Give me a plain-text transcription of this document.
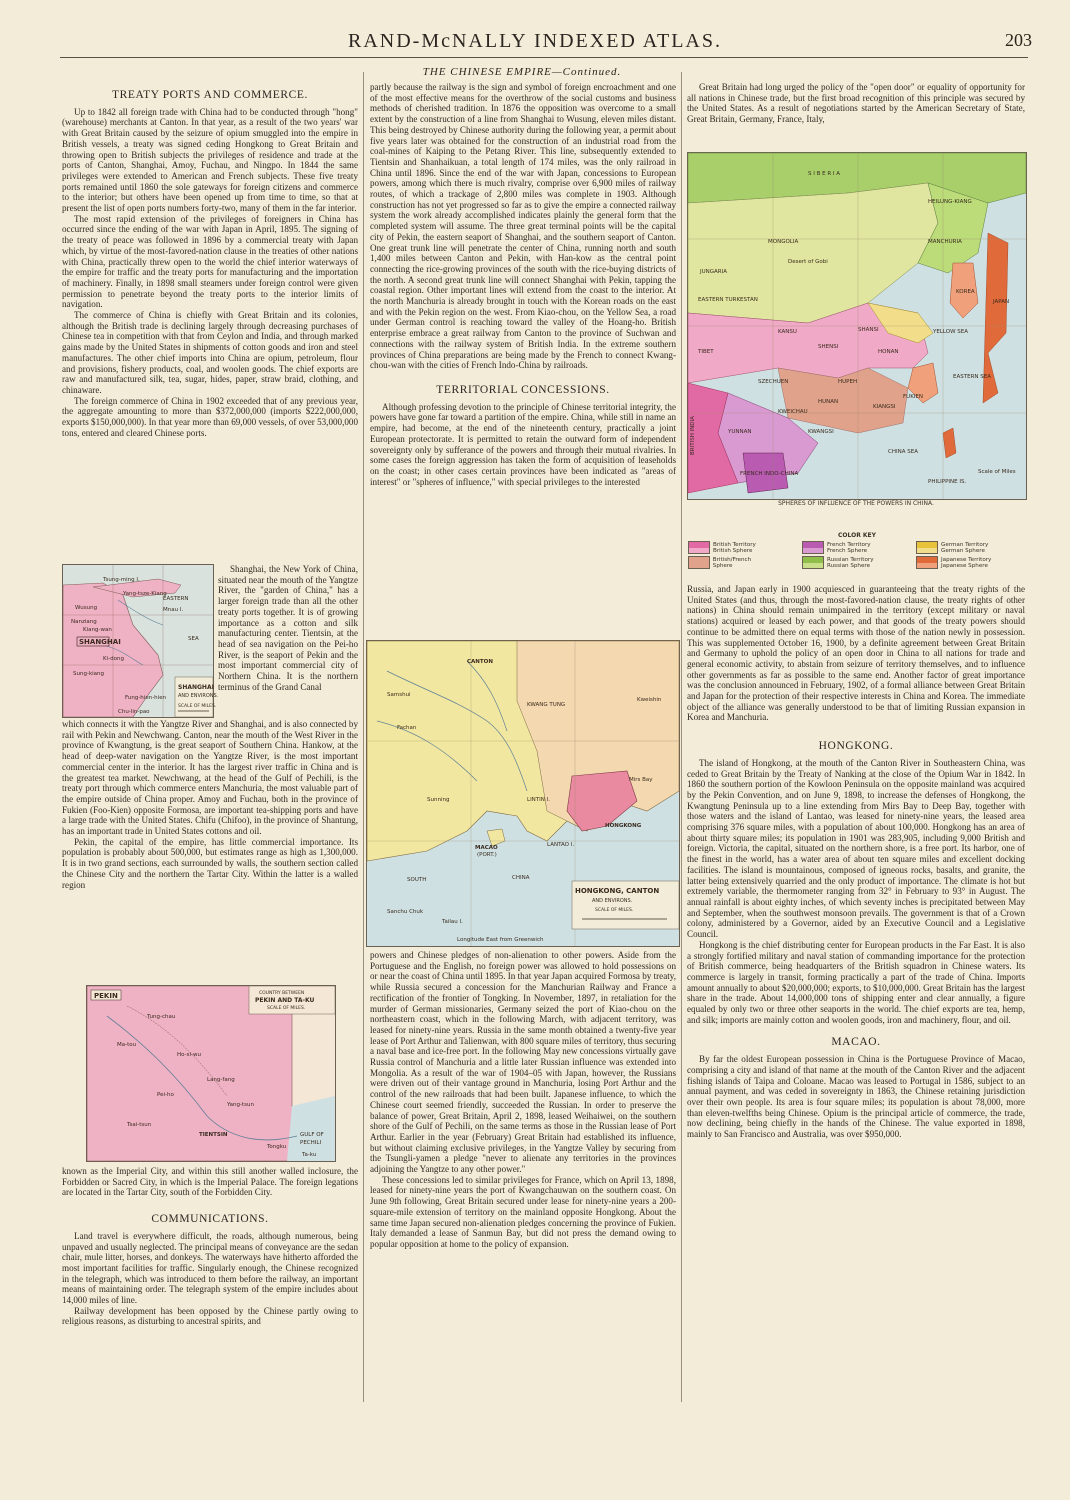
RAND-McNALLY INDEXED ATLAS.	203
THE CHINESE EMPIRE—Continued.
TREATY PORTS AND COMMERCE.

Up to 1842 all foreign trade with China had to be conducted through "hong" (warehouse) merchants at Canton. In that year, as a result of the two years' war with Great Britain caused by the seizure of opium smuggled into the empire in British vessels, a treaty was signed ceding Hongkong to Great Britain and throwing open to British subjects the privileges of residence and trade at the ports of Canton, Shanghai, Amoy, Fuchau, and Ningpo. In 1844 the same privileges were extended to American and French subjects. These five treaty ports remained until 1860 the sole gateways for foreign citizens and commerce to the interior; but others have been opened up from time to time, so that at present the list of open ports numbers forty-two, many of them in the far interior.

The most rapid extension of the privileges of foreigners in China has occurred since the ending of the war with Japan in April, 1895. The signing of the treaty of peace was followed in 1896 by a commercial treaty with Japan which, by virtue of the most-favored-nation clause in the treaties of other nations with China, practically threw open to the world the chief interior waterways of the empire for traffic and the treaty ports for manufacturing and the importation of machinery. Finally, in 1898 small steamers under foreign control were given permission to penetrate beyond the treaty ports to the interior limits of navigation.

The commerce of China is chiefly with Great Britain and its colonies, although the British trade is declining largely through decreasing purchases of Chinese tea in competition with that from Ceylon and India, and through marked gains made by the United States in shipments of cotton goods and iron and steel manufactures. The other chief imports into China are opium, petroleum, flour and provisions, fishery products, coal, and woolen goods. The chief exports are raw and manufactured silk, tea, sugar, hides, paper, straw braid, clothing, and chinaware.

The foreign commerce of China in 1902 exceeded that of any previous year, the aggregate amounting to more than $372,000,000 (imports $222,000,000, exports $150,000,000). In that year more than 69,000 vessels, of over 53,000,000 tons, entered and cleared Chinese ports.

EASTERN
SEA
Wusung
Nanziang
Kiang-wan
Yang-tsze-Kiang
Sung-kiang
Chu-lin-pao
Mnau I.
Tsung-ming I.
Ki-dong
Fung-hien-hien
SHANGHAI
SHANGHAI
AND ENVIRONS.
SCALE OF MILES.

Shanghai, the New York of China, situated near the mouth of the Yangtze River, the "garden of China," has a larger foreign trade than all the other treaty ports together. It is of growing importance as a cotton and silk manufacturing center. Tientsin, at the head of sea navigation on the Pei-ho River, is the seaport of Pekin and the most important commercial city of Northern China. It is the northern terminus of the Grand Canal

which connects it with the Yangtze River and Shanghai, and is also connected by rail with Pekin and Newchwang. Canton, near the mouth of the West River in the province of Kwangtung, is the great seaport of Southern China. Hankow, at the head of deep-water navigation on the Yangtze River, is the most important commercial center in the interior. It has the largest river traffic in China and is the greatest tea market. Newchwang, at the head of the Gulf of Pechili, is the treaty port through which commerce enters Manchuria, the most valuable part of the empire outside of China proper. Amoy and Fuchau, both in the province of Fukien (Foo-Kien) opposite Formosa, are important tea-shipping ports and have a large trade with the United States. Chifu (Chifoo), in the province of Shantung, has an important trade in United States cottons and oil.

Pekin, the capital of the empire, has little commercial importance. Its population is probably about 500,000, but estimates range as high as 1,300,000. It is in two grand sections, each surrounded by walls, the southern section called the Chinese City and the northern the Tartar City. Within the latter is a walled region

PEKIN	COUNTRY BETWEEN
PEKIN AND TA-KU
SCALE OF MILES.
TIENTSIN	GULF OF
PECHILI
Ta-ku
Tongku
Ho-si-wu
Tung-chau
Lang-fang
Yang-tsun
Pei-ho
Ma-tou
Tsai-tsun

known as the Imperial City, and within this still another walled inclosure, the Forbidden or Sacred City, in which is the Imperial Palace. The foreign legations are located in the Tartar City, south of the Forbidden City.

COMMUNICATIONS.

Land travel is everywhere difficult, the roads, although numerous, being unpaved and usually neglected. The principal means of conveyance are the sedan chair, mule litter, horses, and donkeys. The waterways have hitherto afforded the most important facilities for traffic. Singularly enough, the Chinese recognized in the telegraph, which was introduced to them before the railway, an important means of maintaining order. The telegraph system of the empire includes about 14,000 miles of line.

Railway development has been opposed by the Chinese partly owing to religious reasons, as disturbing to ancestral spirits, and

partly because the railway is the sign and symbol of foreign encroachment and one of the most effective means for the overthrow of the social customs and business methods of cherished tradition. In 1876 the opposition was overcome to a small extent by the construction of a line from Shanghai to Wusung, eleven miles distant. This being destroyed by Chinese authority during the following year, a permit about five years later was obtained for the construction of an industrial road from the coal-mines of Kaiping to the Petang River. This line, subsequently extended to Tientsin and Shanhaikuan, a total length of 174 miles, was the only railroad in China until 1896. Since the end of the war with Japan, concessions to European powers, among which there is much rivalry, comprise over 6,900 miles of railway routes, of which a trackage of 2,800 miles was complete in 1903. Although construction has not yet progressed so far as to give the empire a connected railway system the work already accomplished indicates plainly the general form that the completed system will assume. The three great terminal points will be the capital city of Pekin, the eastern seaport of Shanghai, and the southern seaport of Canton. One great trunk line will penetrate the center of China, running north and south 1,400 miles between Canton and Pekin, with Han-kow as the central point connecting the rice-growing provinces of the south with the rice-buying districts of the north. A second great trunk line will connect Shanghai with Pekin, tapping the coastal region. Other important lines will extend from the coast to the interior. At the north Manchuria is already brought in touch with the Korean roads on the east and with the Pekin region on the west. From Kiao-chou, on the Yellow Sea, a road under German control is reaching toward the valley of the Hoang-ho. British enterprise embrace a great railway from Canton to the province of Suchwan and connections with the railway system of British India. In the extreme southern provinces of China preparations are being made by the French to connect Kwang-chou-wan with the cities of French Indo-China by railroads.

TERRITORIAL CONCESSIONS.

Although professing devotion to the principle of Chinese territorial integrity, the powers have gone far toward a partition of the empire. China, while still in name an empire, had become, at the end of the nineteenth century, practically a joint European protectorate. It is permitted to retain the outward form of independent sovereignty only by sufferance of the powers and through their mutual rivalries. In some cases the foreign aggression has taken the form of acquisition of leaseholds on the coast; in other cases certain provinces have been indicated as "areas of interest" or "spheres of influence," with special privileges to the interested

HONGKONG, CANTON
AND ENVIRONS.
SCALE OF MILES.
CANTON
HONGKONG
MACAO
(PORT.)
SOUTH	CHINA
KWANG TUNG
Samshui
Fachan
Sunning
Kweishin
Mirs Bay
LINTIN I.
LANTAO I.
Sanchu Chuk
Tailau I.
Longitude East from Greenwich

powers and Chinese pledges of non-alienation to other powers. Aside from the Portuguese and the English, no foreign power was allowed to hold possessions on or near the coast of China until 1895. In that year Japan acquired Formosa by treaty, while Russia secured a concession for the Manchurian Railway and France a rectification of the frontier of Tongking. In November, 1897, in retaliation for the murder of German missionaries, Germany seized the port of Kiao-chou on the northeastern coast, which in the following March, with adjacent territory, was leased for ninety-nine years. Russia in the same month obtained a twenty-five year lease of Port Arthur and Talienwan, with 800 square miles of territory, thus securing a naval base and ice-free port. In the following May new concessions virtually gave Russia control of Manchuria and a little later Russian influence was extended into Mongolia. As a result of the war of 1904–05 with Japan, however, the Russians were driven out of their vantage ground in Manchuria, losing Port Arthur and the control of the new railroads that had been built. Japanese influence, to which the Chinese court seemed friendly, succeeded the Russian. In order to preserve the balance of power, Great Britain, April 2, 1898, leased Weihaiwei, on the southern shore of the Gulf of Pechili, on the same terms as those in the Russian lease of Port Arthur. Earlier in the year (February) Great Britain had established its influence, but without claiming exclusive privileges, in the Yangtze Valley by securing from the Tsungli-yamen a pledge "never to alienate any territories in the provinces adjoining the Yangtze to any other power."

These concessions led to similar privileges for France, which on April 13, 1898, leased for ninety-nine years the port of Kwangchauwan on the southern coast. On June 9th following, Great Britain secured under lease for ninety-nine years a 200-square-mile extension of territory on the mainland opposite Hongkong. About the same time Japan secured non-alienation pledges concerning the province of Fukien. Italy demanded a lease of Sanmun Bay, but did not press the demand owing to popular opposition at home to the policy of expansion.

Great Britain had long urged the policy of the "open door" or equality of opportunity for all nations in Chinese trade, but the first broad recognition of this principle was secured by the United States. As a result of negotiations started by the American Secretary of State, Great Britain, Germany, France, Italy,

S I B E R I A
MONGOLIA
Desert of Gobi
JUNGARIA
EASTERN TURKESTAN
MANCHURIA
HEILUNG-KIANG
KOREA
JAPAN
YELLOW SEA
EASTERN SEA
CHINA SEA
HONAN
SHANSI
SHENSI
KANSU
SZECHUEN	HUPEH
HUNAN
KIANGSI
FUKIEN
KWANGSI
YUNNAN
KWEICHAU
FRENCH INDO-CHINA
PHILIPPINE IS.
TIBET
Scale of Miles
BRITISH INDIA
SPHERES OF INFLUENCE OF THE POWERS IN CHINA.
COLOR KEY
British Territory
British Sphere
French Territory
French Sphere
German Territory
German Sphere
British/French Sphere
Russian Territory
Russian Sphere
Japanese Territory
Japanese Sphere

Russia, and Japan early in 1900 acquiesced in guaranteeing that the treaty rights of the United States (and thus, through the most-favored-nation clause, the treaty rights of other nations) in China should remain unimpaired in the territory (except military or naval stations) acquired or leased by each power, and that goods of the treaty powers should continue to be admitted there on equal terms with those of the nation newly in possession. This was supplemented October 16, 1900, by a definite agreement between Great Britain and Germany to uphold the policy of an open door in China to all nations for trade and general economic activity, to abstain from seizure of territory themselves, and to influence other governments as far as possible to the same end. Another factor of great importance was the conclusion announced in February, 1902, of a formal alliance between Great Britain and Japan for the protection of their respective interests in China and Korea. The immediate object of the alliance was generally understood to be that of limiting Russian expansion in Korea and Manchuria.

HONGKONG.

The island of Hongkong, at the mouth of the Canton River in Southeastern China, was ceded to Great Britain by the Treaty of Nanking at the close of the Opium War in 1842. In 1860 the southern portion of the Kowloon Peninsula on the opposite mainland was acquired by the Pekin Convention, and on June 9, 1898, to increase the defenses of Hongkong, the Kwangtung Peninsula up to a line extending from Mirs Bay to Deep Bay, together with those waters and the island of Lantao, was leased for ninety-nine years, the leased area comprising 376 square miles, with a population of about 100,000. Hongkong has an area of about thirty square miles; its population in 1901 was 283,905, including 9,000 British and foreign. Victoria, the capital, situated on the northern shore, is a free port. Its harbor, one of the finest in the world, has a water area of about ten square miles and excellent docking facilities. The island is mountainous, composed of igneous rocks, basalts, and granite, the latter being extensively quarried and the only product of importance. The climate is hot but extremely variable, the thermometer ranging from 32° in February to 93° in August. The annual rainfall is about eighty inches, of which seventy inches is precipitated between May and September, when the southwest monsoon prevails. The government is that of a Crown colony, administered by a Governor, aided by an Executive Council and a Legislative Council.

Hongkong is the chief distributing center for European products in the Far East. It is also a strongly fortified military and naval station of commanding importance for the protection of British commerce, being headquarters of the British squadron in Chinese waters. Its commerce is largely in transit, forming practically a part of the trade of China. Imports amount annually to about $20,000,000; exports, to $10,000,000. Great Britain has the largest share in the trade. About 14,000,000 tons of shipping enter and clear annually, a figure equaled by only two or three other seaports in the world. The chief exports are tea, hemp, and silk; imports are mainly cotton and woolen goods, iron and machinery, flour, and oil.

MACAO.

By far the oldest European possession in China is the Portuguese Province of Macao, comprising a city and island of that name at the mouth of the Canton River and the adjacent fishing islands of Taipa and Coloane. Macao was leased to Portugal in 1586, subject to an annual payment, and was ceded in sovereignty in 1863, the Chinese retaining jurisdiction over their own people. Its area is four square miles; its population is about 78,000, more than eleven-twelfths being Chinese. Opium is the principal article of commerce, the trade, now declining, being chiefly in the hands of the Chinese. The value exported in 1898, mainly to San Francisco and Australia, was over $950,000.
